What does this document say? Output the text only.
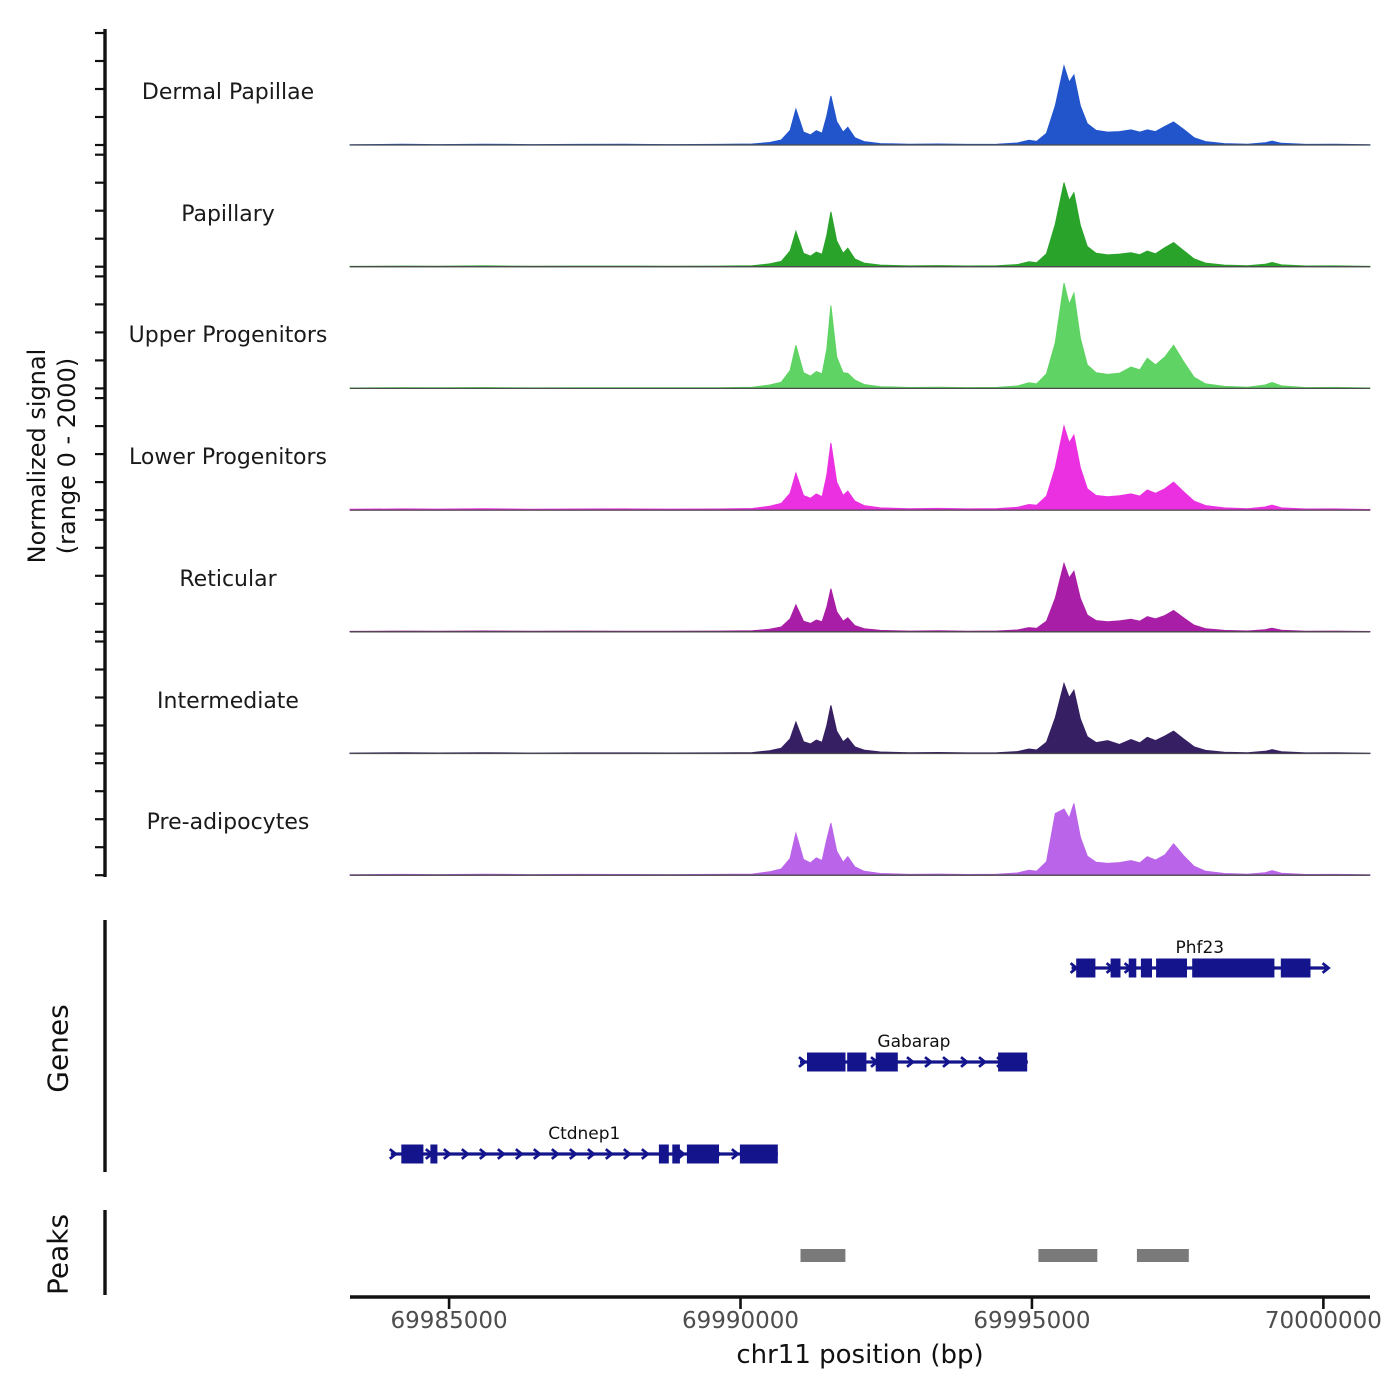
Normalized signal
(range 0 - 2000)
Genes
Peaks
chr11 position (bp)
Dermal Papillae
Papillary
Upper Progenitors
Lower Progenitors
Reticular
Intermediate
Pre-adipocytes
Phf23
Gabarap
Ctdnep1
69985000	69990000	69995000	70000000
